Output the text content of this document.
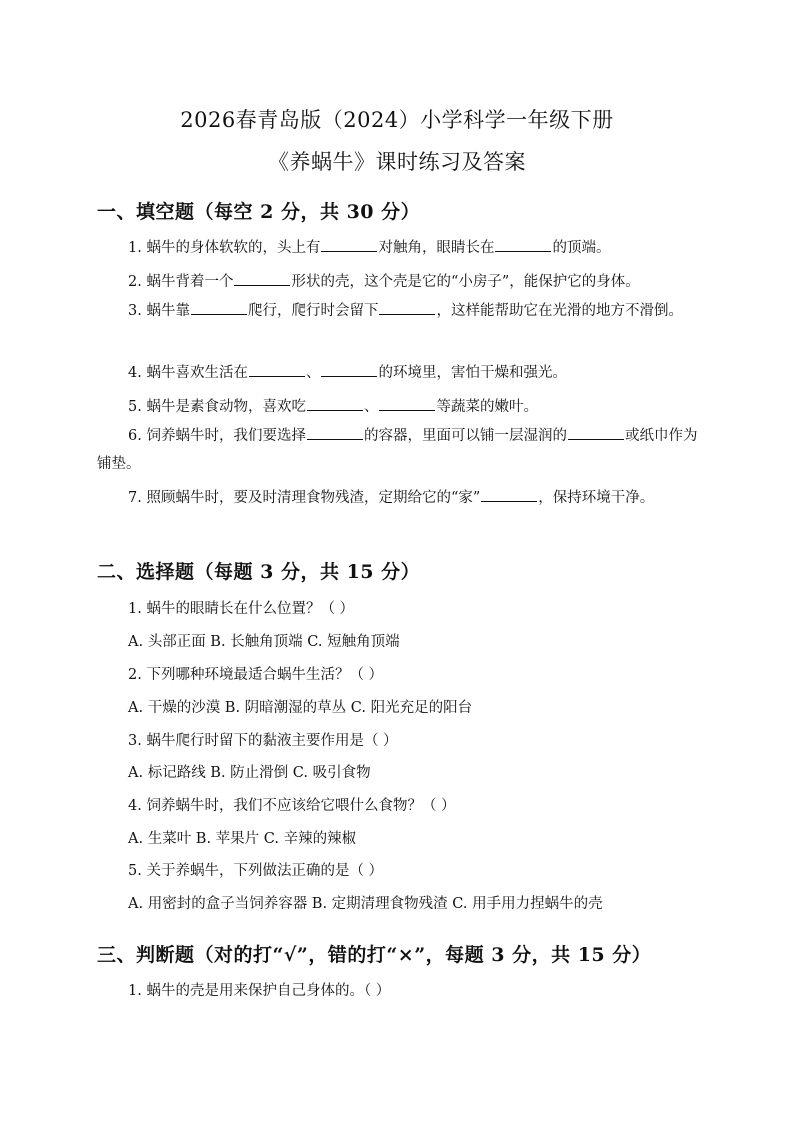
2026春青岛版（2024）小学科学一年级下册
《养蜗牛》课时练习及答案
一、填空题（每空 2 分，共 30 分）
1. 蜗牛的身体软软的，头上有	对触角，眼睛长在	的顶端。
2. 蜗牛背着一个	形状的壳，这个壳是它的“小房子”，能保护它的身体。
3. 蜗牛靠	爬行，爬行时会留下	，这样能帮助它在光滑的地方不滑倒。
4. 蜗牛喜欢生活在	、	的环境里，害怕干燥和强光。
5. 蜗牛是素食动物，喜欢吃	、	等蔬菜的嫩叶。
6. 饲养蜗牛时，我们要选择	的容器，里面可以铺一层湿润的	或纸巾作为铺垫。
7. 照顾蜗牛时，要及时清理食物残渣，定期给它的“家”	，保持环境干净。
二、选择题（每题 3 分，共 15 分）
1. 蜗牛的眼睛长在什么位置？（ ）
A. 头部正面 B. 长触角顶端 C. 短触角顶端
2. 下列哪种环境最适合蜗牛生活？（ ）
A. 干燥的沙漠 B. 阴暗潮湿的草丛 C. 阳光充足的阳台
3. 蜗牛爬行时留下的黏液主要作用是（ ）
A. 标记路线 B. 防止滑倒 C. 吸引食物
4. 饲养蜗牛时，我们不应该给它喂什么食物？（ ）
A. 生菜叶 B. 苹果片 C. 辛辣的辣椒
5. 关于养蜗牛，下列做法正确的是（ ）
A. 用密封的盒子当饲养容器 B. 定期清理食物残渣 C. 用手用力捏蜗牛的壳
三、判断题（对的打“√”，错的打“×”，每题 3 分，共 15 分）
1. 蜗牛的壳是用来保护自己身体的。（ ）
